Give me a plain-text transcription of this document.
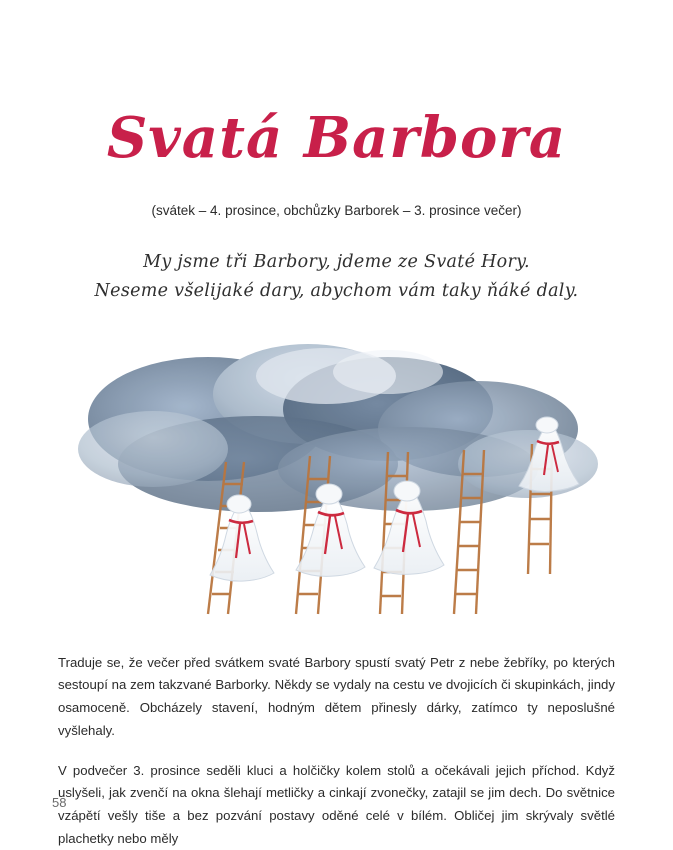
Svatá Barbora
(svátek – 4. prosince, obchůzky Barborek – 3. prosince večer)
My jsme tři Barbory, jdeme ze Svaté Hory.
Neseme všelijaké dary, abychom vám taky ňáké daly.

Traduje se, že večer před svátkem svaté Barbory spustí svatý Petr z nebe žebříky, po kterých sestoupí na zem takzvané Barborky. Někdy se vydaly na cestu ve dvojicích či skupinkách, jindy osamoceně. Obcházely stavení, hodným dětem přinesly dárky, zatímco ty neposlušné vyšlehaly.

V podvečer 3. prosince seděli kluci a holčičky kolem stolů a očekávali jejich příchod. Když uslyšeli, jak zvenčí na okna šlehají metličky a cinkají zvonečky, zatajil se jim dech. Do světnice vzápětí vešly tiše a bez pozvání postavy oděné celé v bílém. Obličej jim skrývaly světlé plachetky nebo měly

58
